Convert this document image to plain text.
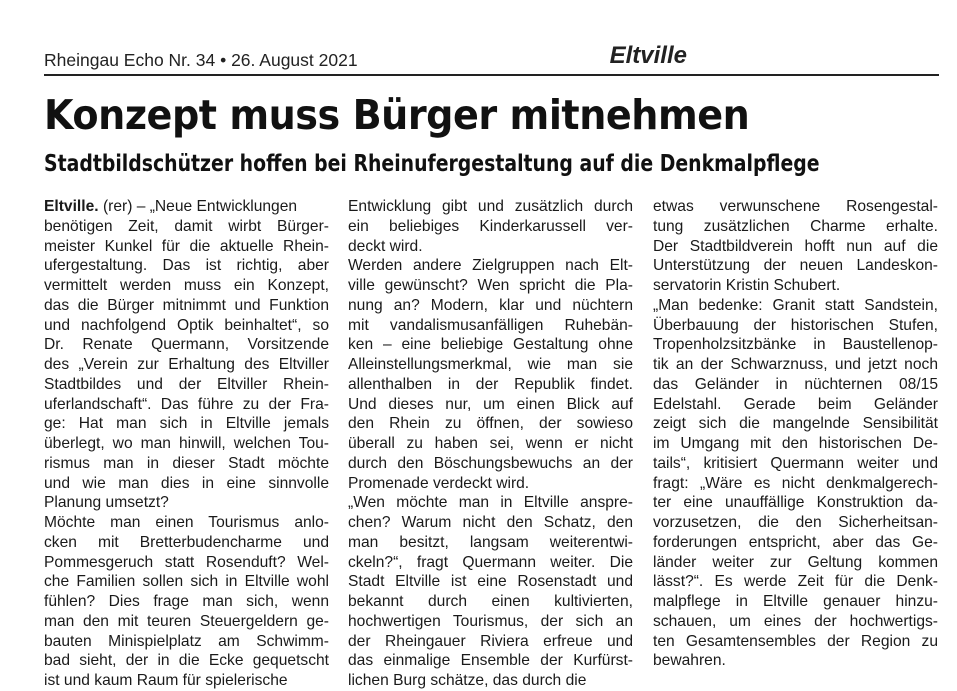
Rheingau Echo Nr. 34 • 26. August 2021	Eltville
Konzept muss Bürger mitnehmen
Stadtbildschützer hoffen bei Rheinufergestaltung auf die Denkmalpflege
Eltville. (rer) – „Neue Entwicklungen
benötigen Zeit, damit wirbt Bürger-
meister Kunkel für die aktuelle Rhein-
ufergestaltung. Das ist richtig, aber
vermittelt werden muss ein Konzept,
das die Bürger mitnimmt und Funktion
und nachfolgend Optik beinhaltet“, so
Dr. Renate Quermann, Vorsitzende
des „Verein zur Erhaltung des Eltviller
Stadtbildes und der Eltviller Rhein-
uferlandschaft“. Das führe zu der Fra-
ge: Hat man sich in Eltville jemals
überlegt, wo man hinwill, welchen Tou-
rismus man in dieser Stadt möchte
und wie man dies in eine sinnvolle
Planung umsetzt?
Möchte man einen Tourismus anlo-
cken mit Bretterbudencharme und
Pommesgeruch statt Rosenduft? Wel-
che Familien sollen sich in Eltville wohl
fühlen? Dies frage man sich, wenn
man den mit teuren Steuergeldern ge-
bauten Minispielplatz am Schwimm-
bad sieht, der in die Ecke gequetscht
ist und kaum Raum für spielerische
Entwicklung gibt und zusätzlich durch
ein beliebiges Kinderkarussell ver-
deckt wird.
Werden andere Zielgruppen nach Elt-
ville gewünscht? Wen spricht die Pla-
nung an? Modern, klar und nüchtern
mit vandalismusanfälligen Ruhebän-
ken – eine beliebige Gestaltung ohne
Alleinstellungsmerkmal, wie man sie
allenthalben in der Republik findet.
Und dieses nur, um einen Blick auf
den Rhein zu öffnen, der sowieso
überall zu haben sei, wenn er nicht
durch den Böschungsbewuchs an der
Promenade verdeckt wird.
„Wen möchte man in Eltville anspre-
chen? Warum nicht den Schatz, den
man besitzt, langsam weiterentwi-
ckeln?“, fragt Quermann weiter. Die
Stadt Eltville ist eine Rosenstadt und
bekannt durch einen kultivierten,
hochwertigen Tourismus, der sich an
der Rheingauer Riviera erfreue und
das einmalige Ensemble der Kurfürst-
lichen Burg schätze, das durch die
etwas verwunschene Rosengestal-
tung zusätzlichen Charme erhalte.
Der Stadtbildverein hofft nun auf die
Unterstützung der neuen Landeskon-
servatorin Kristin Schubert.
„Man bedenke: Granit statt Sandstein,
Überbauung der historischen Stufen,
Tropenholzsitzbänke in Baustellenop-
tik an der Schwarznuss, und jetzt noch
das Geländer in nüchternen 08/15
Edelstahl. Gerade beim Geländer
zeigt sich die mangelnde Sensibilität
im Umgang mit den historischen De-
tails“, kritisiert Quermann weiter und
fragt: „Wäre es nicht denkmalgerech-
ter eine unauffällige Konstruktion da-
vorzusetzen, die den Sicherheitsan-
forderungen entspricht, aber das Ge-
länder weiter zur Geltung kommen
lässt?“. Es werde Zeit für die Denk-
malpflege in Eltville genauer hinzu-
schauen, um eines der hochwertigs-
ten Gesamtensembles der Region zu
bewahren.
